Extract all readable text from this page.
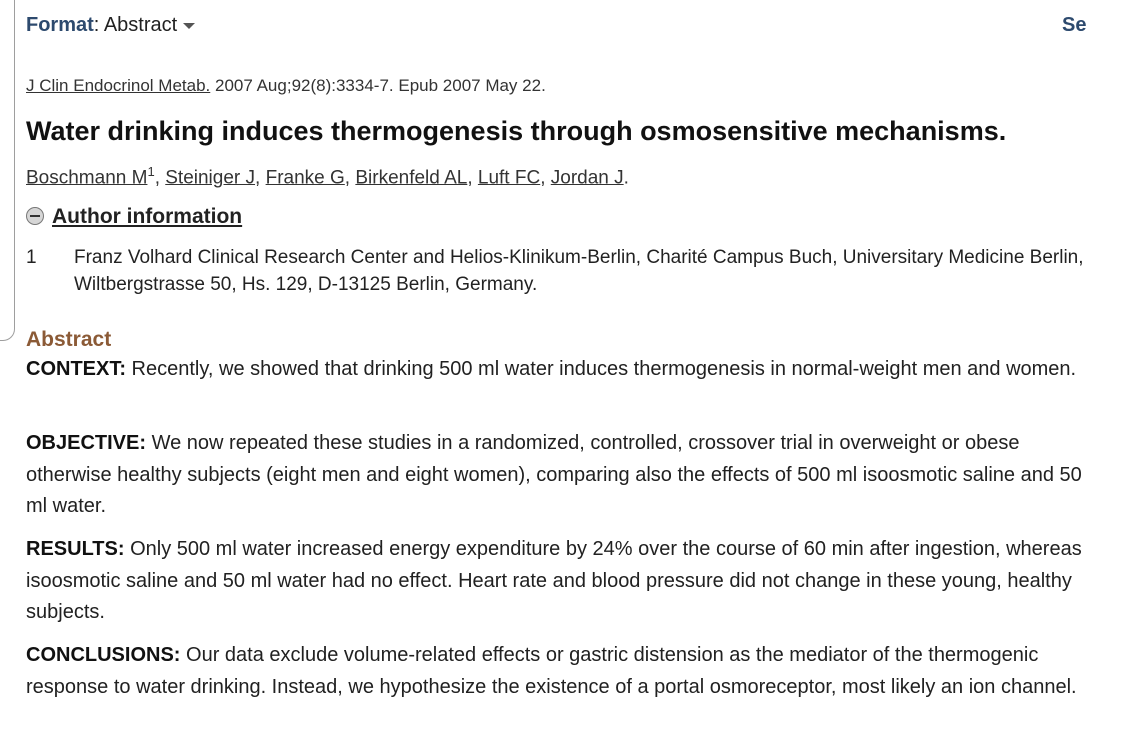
Format: Abstract	Se
J Clin Endocrinol Metab. 2007 Aug;92(8):3334-7. Epub 2007 May 22.
Water drinking induces thermogenesis through osmosensitive mechanisms.
Boschmann $M^1$, Steiniger J, Franke G, Birkenfeld AL, Luft FC, Jordan J.
Author information
1 Franz Volhard Clinical Research Center and Helios-Klinikum-Berlin, Charité Campus Buch, Universitary Medicine Berlin, Wiltbergstrasse 50, Hs. 129, D-13125 Berlin, Germany.
Abstract
CONTEXT: Recently, we showed that drinking 500 ml water induces thermogenesis in normal-weight men and women.
OBJECTIVE: We now repeated these studies in a randomized, controlled, crossover trial in overweight or obese otherwise healthy subjects (eight men and eight women), comparing also the effects of 500 ml isoosmotic saline and 50 ml water.
RESULTS: Only 500 ml water increased energy expenditure by 24% over the course of 60 min after ingestion, whereas isoosmotic saline and 50 ml water had no effect. Heart rate and blood pressure did not change in these young, healthy subjects.
CONCLUSIONS: Our data exclude volume-related effects or gastric distension as the mediator of the thermogenic response to water drinking. Instead, we hypothesize the existence of a portal osmoreceptor, most likely an ion channel.
